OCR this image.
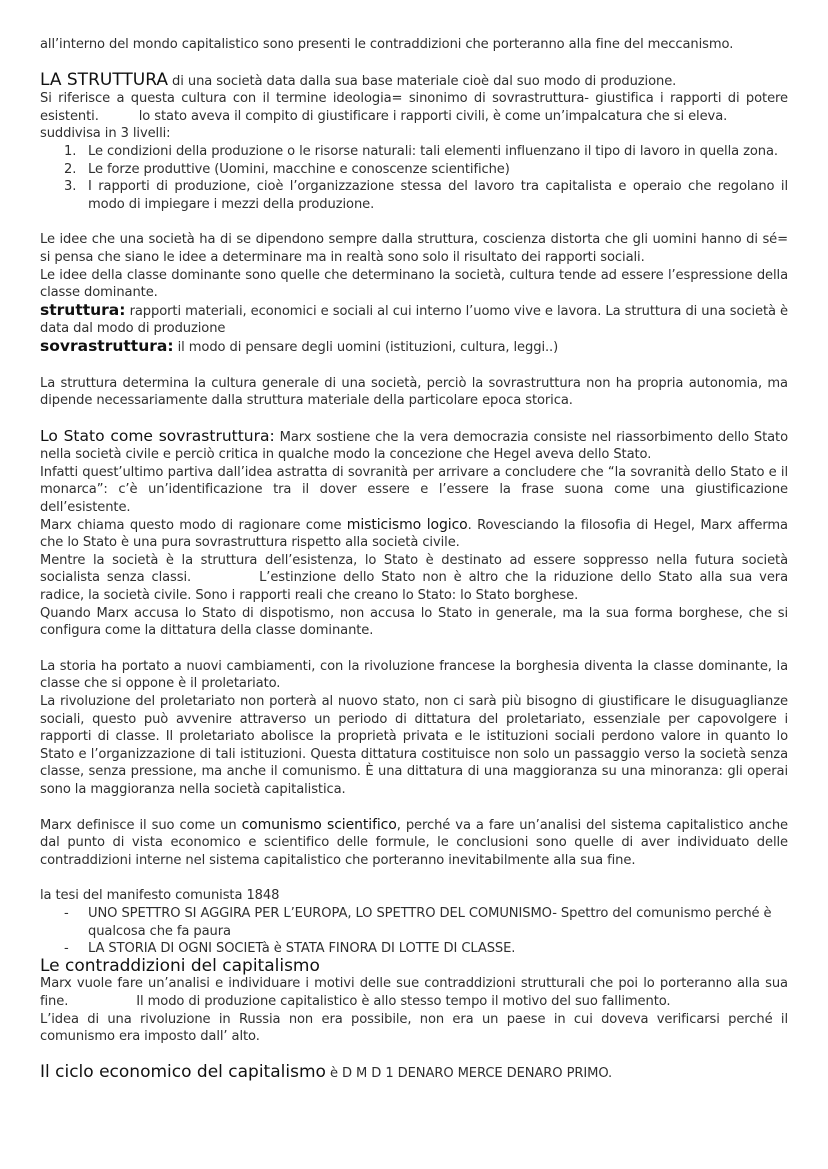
all’interno del mondo capitalistico sono presenti le contraddizioni che porteranno alla fine del meccanismo.

LA STRUTTURA di una società data dalla sua base materiale cioè dal suo modo di produzione.

Si riferisce a questa cultura con il termine ideologia= sinonimo di sovrastruttura- giustifica i rapporti di potere esistenti.	lo stato aveva il compito di giustificare i rapporti civili, è come un’impalcatura che si eleva.

suddivisa in 3 livelli:

1. Le condizioni della produzione o le risorse naturali: tali elementi influenzano il tipo di lavoro in quella zona.
2. Le forze produttive (Uomini, macchine e conoscenze scientifiche)
3. I rapporti di produzione, cioè l’organizzazione stessa del lavoro tra capitalista e operaio che regolano il modo di impiegare i mezzi della produzione.

Le idee che una società ha di se dipendono sempre dalla struttura, coscienza distorta che gli uomini hanno di sé= si pensa che siano le idee a determinare ma in realtà sono solo il risultato dei rapporti sociali.

Le idee della classe dominante sono quelle che determinano la società, cultura tende ad essere l’espressione della classe dominante.

struttura: rapporti materiali, economici e sociali al cui interno l’uomo vive e lavora. La struttura di una società è data dal modo di produzione

sovrastruttura: il modo di pensare degli uomini (istituzioni, cultura, leggi..)

La struttura determina la cultura generale di una società, perciò la sovrastruttura non ha propria autonomia, ma dipende necessariamente dalla struttura materiale della particolare epoca storica.

Lo Stato come sovrastruttura: Marx sostiene che la vera democrazia consiste nel riassorbimento dello Stato nella società civile e perciò critica in qualche modo la concezione che Hegel aveva dello Stato.

Infatti quest’ultimo partiva dall’idea astratta di sovranità per arrivare a concludere che “la sovranità dello Stato e il monarca”: c’è un’identificazione tra il dover essere e l’essere la frase suona come una giustificazione dell’esistente.

Marx chiama questo modo di ragionare come misticismo logico. Rovesciando la filosofia di Hegel, Marx afferma che lo Stato è una pura sovrastruttura rispetto alla società civile.

Mentre la società è la struttura dell’esistenza, lo Stato è destinato ad essere soppresso nella futura società socialista senza classi.	L’estinzione dello Stato non è altro che la riduzione dello Stato alla sua vera radice, la società civile. Sono i rapporti reali che creano lo Stato: lo Stato borghese.

Quando Marx accusa lo Stato di dispotismo, non accusa lo Stato in generale, ma la sua forma borghese, che si configura come la dittatura della classe dominante.

La storia ha portato a nuovi cambiamenti, con la rivoluzione francese la borghesia diventa la classe dominante, la classe che si oppone è il proletariato.

La rivoluzione del proletariato non porterà al nuovo stato, non ci sarà più bisogno di giustificare le disuguaglianze sociali, questo può avvenire attraverso un periodo di dittatura del proletariato, essenziale per capovolgere i rapporti di classe. Il proletariato abolisce la proprietà privata e le istituzioni sociali perdono valore in quanto lo Stato e l’organizzazione di tali istituzioni. Questa dittatura costituisce non solo un passaggio verso la società senza classe, senza pressione, ma anche il comunismo. È una dittatura di una maggioranza su una minoranza: gli operai sono la maggioranza nella società capitalistica.

Marx definisce il suo come un comunismo scientifico, perché va a fare un’analisi del sistema capitalistico anche dal punto di vista economico e scientifico delle formule, le conclusioni sono quelle di aver individuato delle contraddizioni interne nel sistema capitalistico che porteranno inevitabilmente alla sua fine.

la tesi del manifesto comunista 1848

- UNO SPETTRO SI AGGIRA PER L’EUROPA, LO SPETTRO DEL COMUNISMO- Spettro del comunismo perché è qualcosa che fa paura
- LA STORIA DI OGNI SOCIETà è STATA FINORA DI LOTTE DI CLASSE.

Le contraddizioni del capitalismo

Marx vuole fare un’analisi e individuare i motivi delle sue contraddizioni strutturali che poi lo porteranno alla sua fine.	Il modo di produzione capitalistico è allo stesso tempo il motivo del suo fallimento.

L’idea di una rivoluzione in Russia non era possibile, non era un paese in cui doveva verificarsi perché il comunismo era imposto dall’ alto.

Il ciclo economico del capitalismo è D M D 1 DENARO MERCE DENARO PRIMO.
